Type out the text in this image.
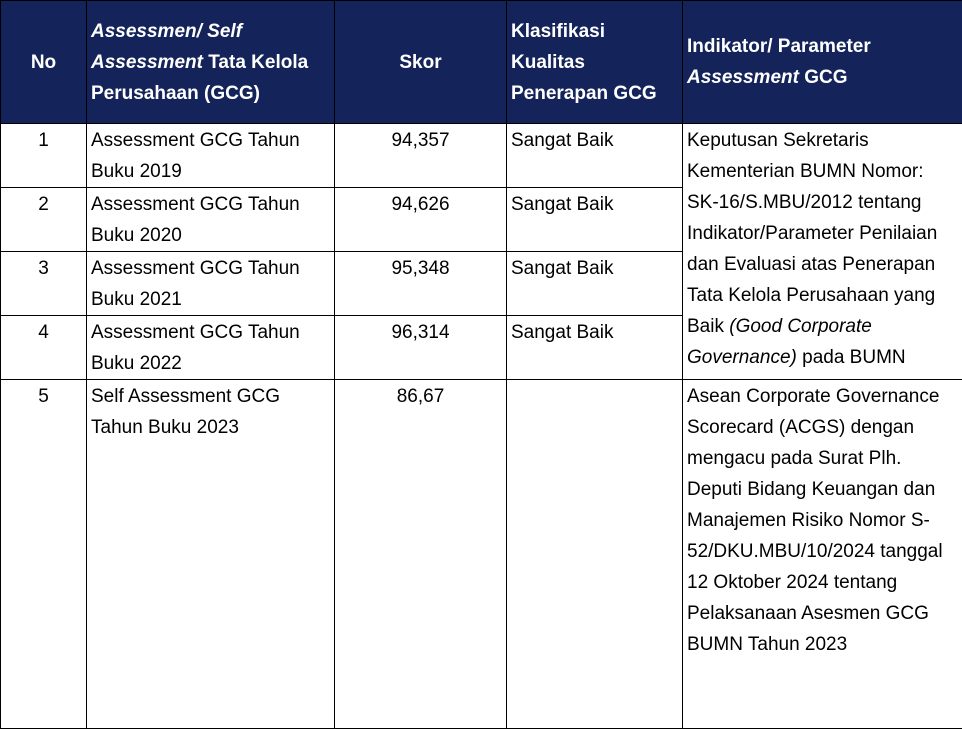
No	Assessmen/ Self Assessment Tata Kelola Perusahaan (GCG)	Skor	Klasifikasi Kualitas Penerapan GCG	Indikator/ Parameter Assessment GCG
1	Assessment GCG Tahun Buku 2019	94,357	Sangat Baik	Keputusan Sekretaris Kementerian BUMN Nomor: SK-16/S.MBU/2012 tentang Indikator/Parameter Penilaian dan Evaluasi atas Penerapan Tata Kelola Perusahaan yang Baik (Good Corporate Governance) pada BUMN
2	Assessment GCG Tahun Buku 2020	94,626	Sangat Baik	
3	Assessment GCG Tahun Buku 2021	95,348	Sangat Baik	
4	Assessment GCG Tahun Buku 2022	96,314	Sangat Baik	
5	Self Assessment GCG Tahun Buku 2023	86,67		Asean Corporate Governance Scorecard (ACGS) dengan mengacu pada Surat Plh. Deputi Bidang Keuangan dan Manajemen Risiko Nomor S-52/DKU.MBU/10/2024 tanggal 12 Oktober 2024 tentang Pelaksanaan Asesmen GCG BUMN Tahun 2023
